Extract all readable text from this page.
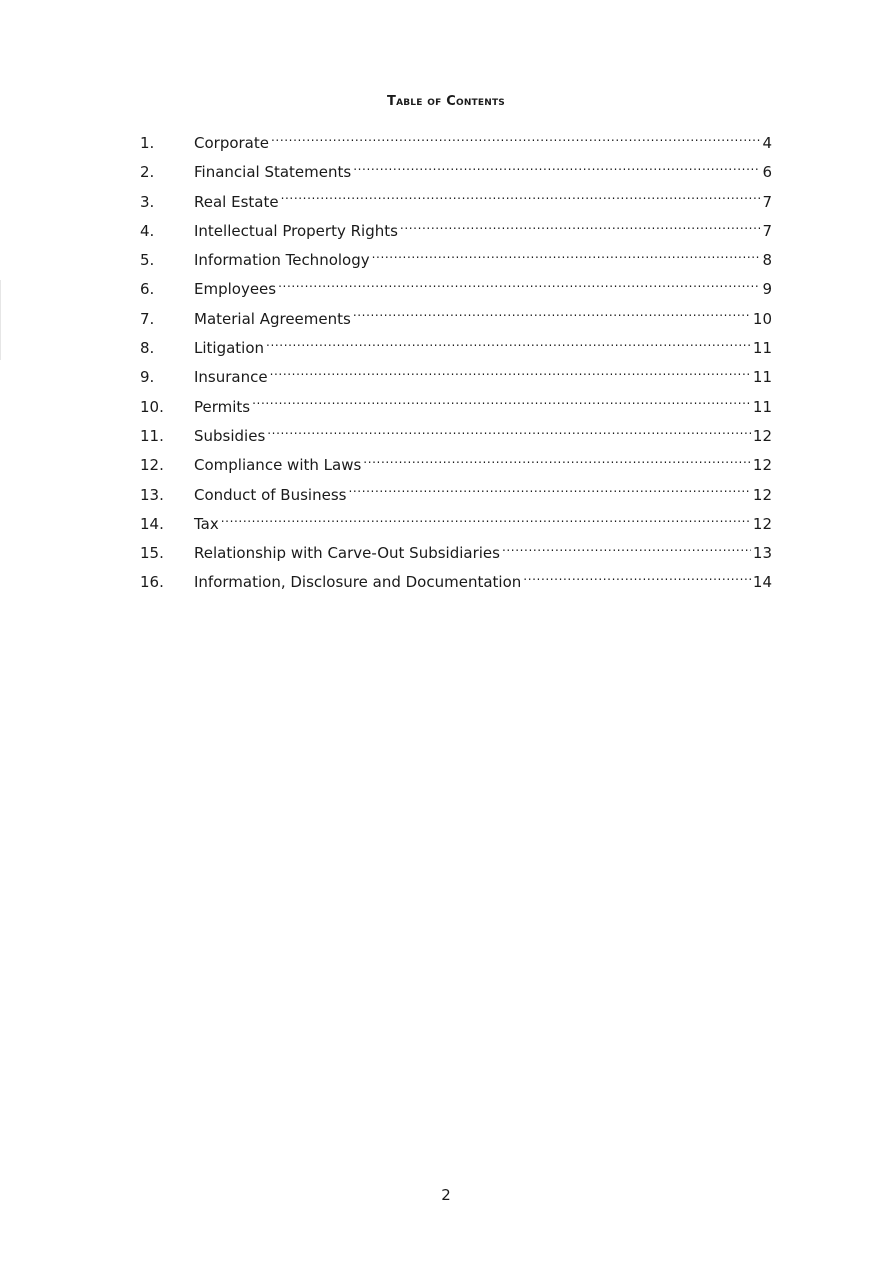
Table of Contents
1.	Corporate .....	4
2.	Financial Statements .....	6
3.	Real Estate .....	7
4.	Intellectual Property Rights .....	7
5.	Information Technology .....	8
6.	Employees .....	9
7.	Material Agreements .....	10
8.	Litigation .....	11
9.	Insurance .....	11
10.	Permits .....	11
11.	Subsidies .....	12
12.	Compliance with Laws .....	12
13.	Conduct of Business .....	12
14.	Tax .....	12
15.	Relationship with Carve-Out Subsidiaries .....	13
16.	Information, Disclosure and Documentation .....	14
2
